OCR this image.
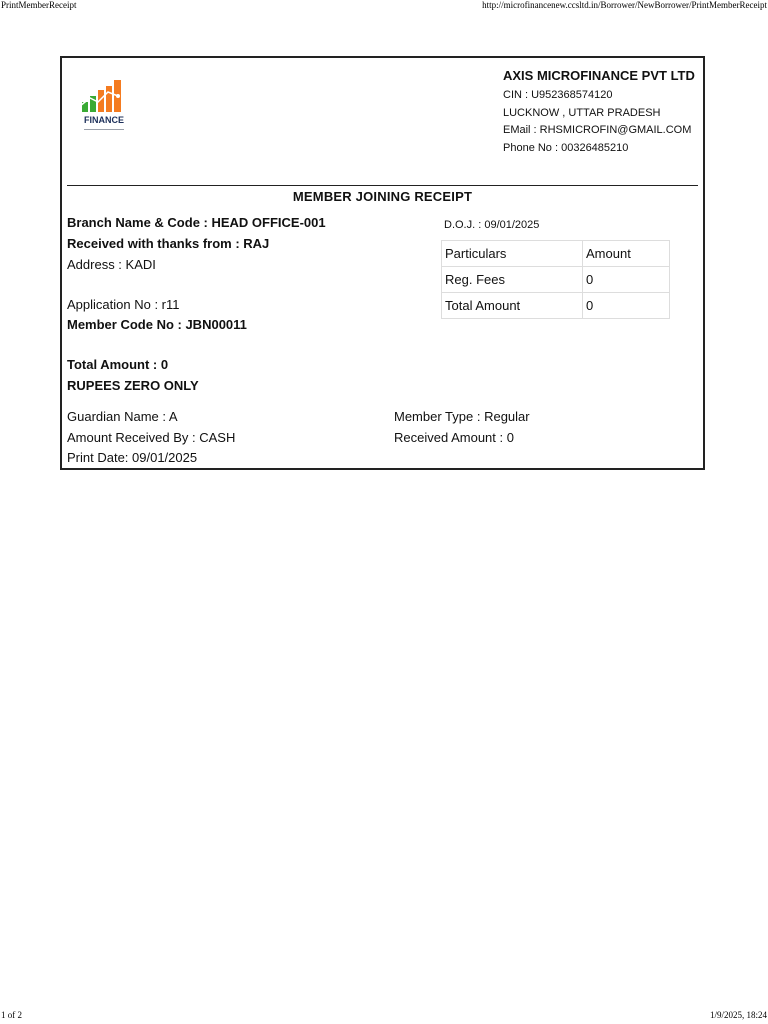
PrintMemberReceipt	http://microfinancenew.ccsltd.in/Borrower/NewBorrower/PrintMemberReceipt
FINANCE
AXIS MICROFINANCE PVT LTD
CIN : U952368574120
LUCKNOW , UTTAR PRADESH
EMail : RHSMICROFIN@GMAIL.COM
Phone No : 00326485210
MEMBER JOINING RECEIPT
Branch Name & Code : HEAD OFFICE-001
Received with thanks from : RAJ
Address : KADI
Application No : r11
Member Code No : JBN00011
Total Amount : 0
RUPEES ZERO ONLY
Guardian Name : A
Amount Received By : CASH
Print Date: 09/01/2025
Member Type : Regular
Received Amount : 0
D.O.J. : 09/01/2025
Particulars	Amount
Reg. Fees	0
Total Amount	0
1 of 2	1/9/2025, 18:24
